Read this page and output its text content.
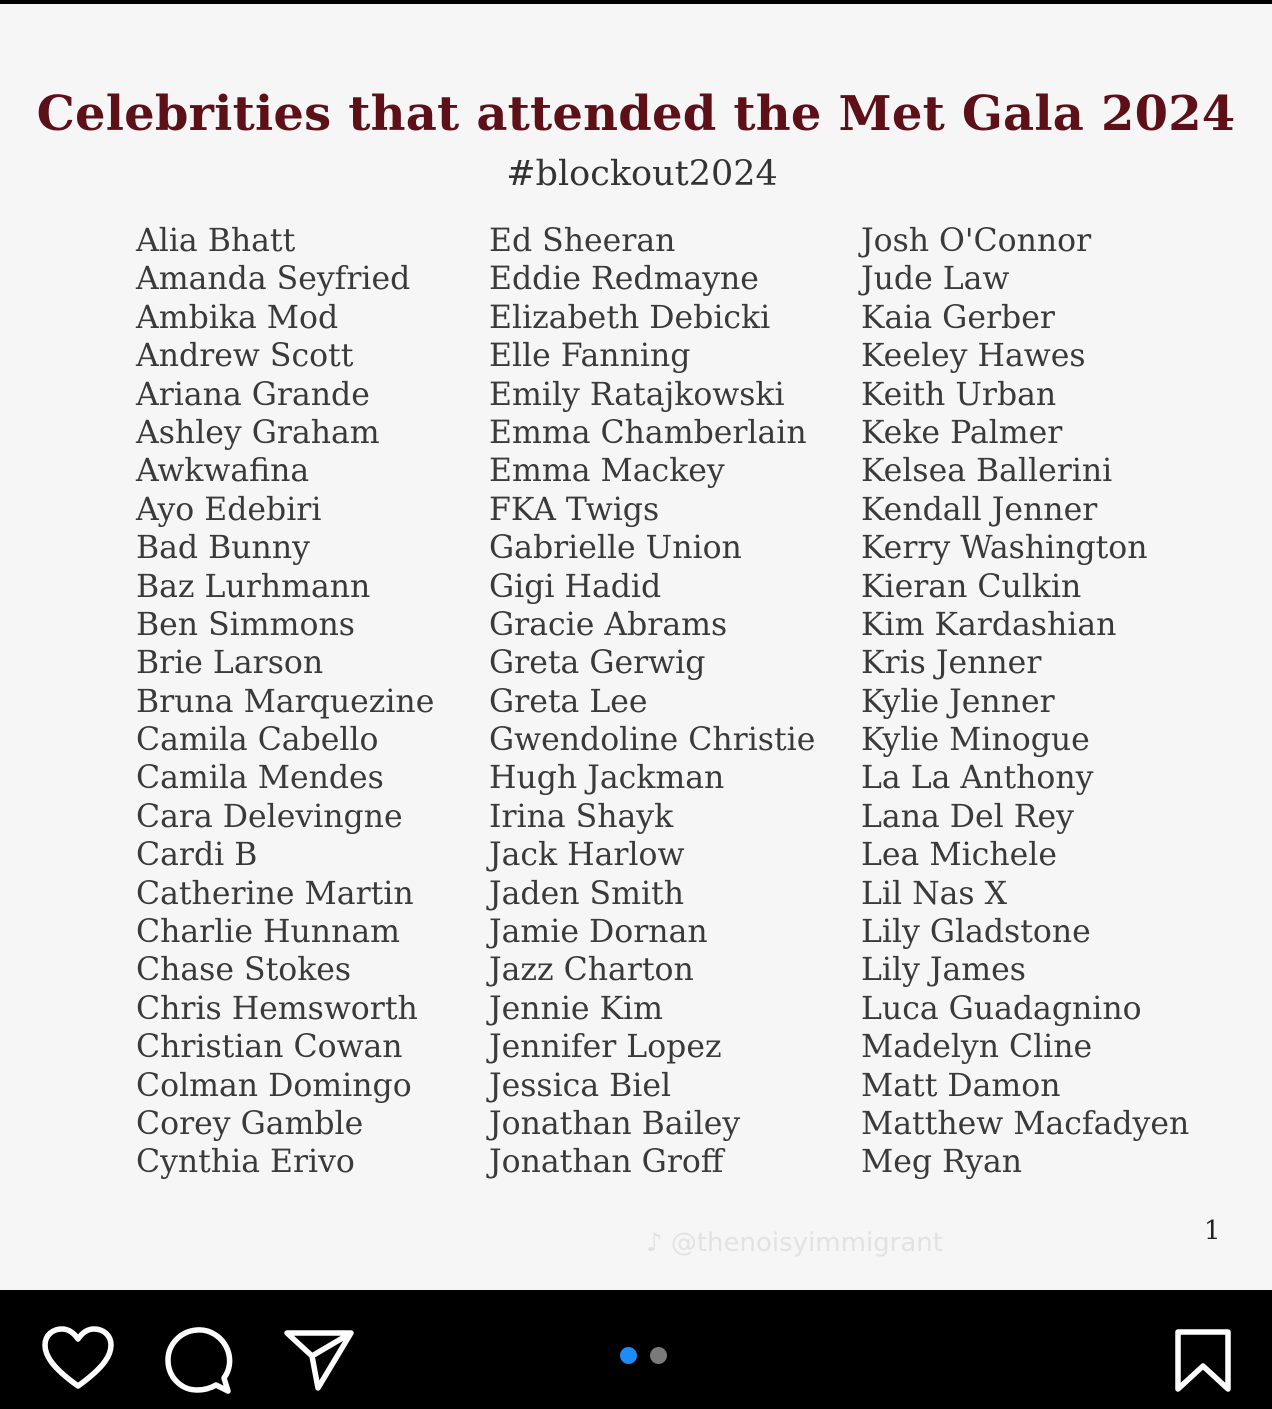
Celebrities that attended the Met Gala 2024
#blockout2024
Alia Bhatt
Amanda Seyfried
Ambika Mod
Andrew Scott
Ariana Grande
Ashley Graham
Awkwafina
Ayo Edebiri
Bad Bunny
Baz Lurhmann
Ben Simmons
Brie Larson
Bruna Marquezine
Camila Cabello
Camila Mendes
Cara Delevingne
Cardi B
Catherine Martin
Charlie Hunnam
Chase Stokes
Chris Hemsworth
Christian Cowan
Colman Domingo
Corey Gamble
Cynthia Erivo
Ed Sheeran
Eddie Redmayne
Elizabeth Debicki
Elle Fanning
Emily Ratajkowski
Emma Chamberlain
Emma Mackey
FKA Twigs
Gabrielle Union
Gigi Hadid
Gracie Abrams
Greta Gerwig
Greta Lee
Gwendoline Christie
Hugh Jackman
Irina Shayk
Jack Harlow
Jaden Smith
Jamie Dornan
Jazz Charton
Jennie Kim
Jennifer Lopez
Jessica Biel
Jonathan Bailey
Jonathan Groff
Josh O'Connor
Jude Law
Kaia Gerber
Keeley Hawes
Keith Urban
Keke Palmer
Kelsea Ballerini
Kendall Jenner
Kerry Washington
Kieran Culkin
Kim Kardashian
Kris Jenner
Kylie Jenner
Kylie Minogue
La La Anthony
Lana Del Rey
Lea Michele
Lil Nas X
Lily Gladstone
Lily James
Luca Guadagnino
Madelyn Cline
Matt Damon
Matthew Macfadyen
Meg Ryan
♪ @thenoisyimmigrant	1
